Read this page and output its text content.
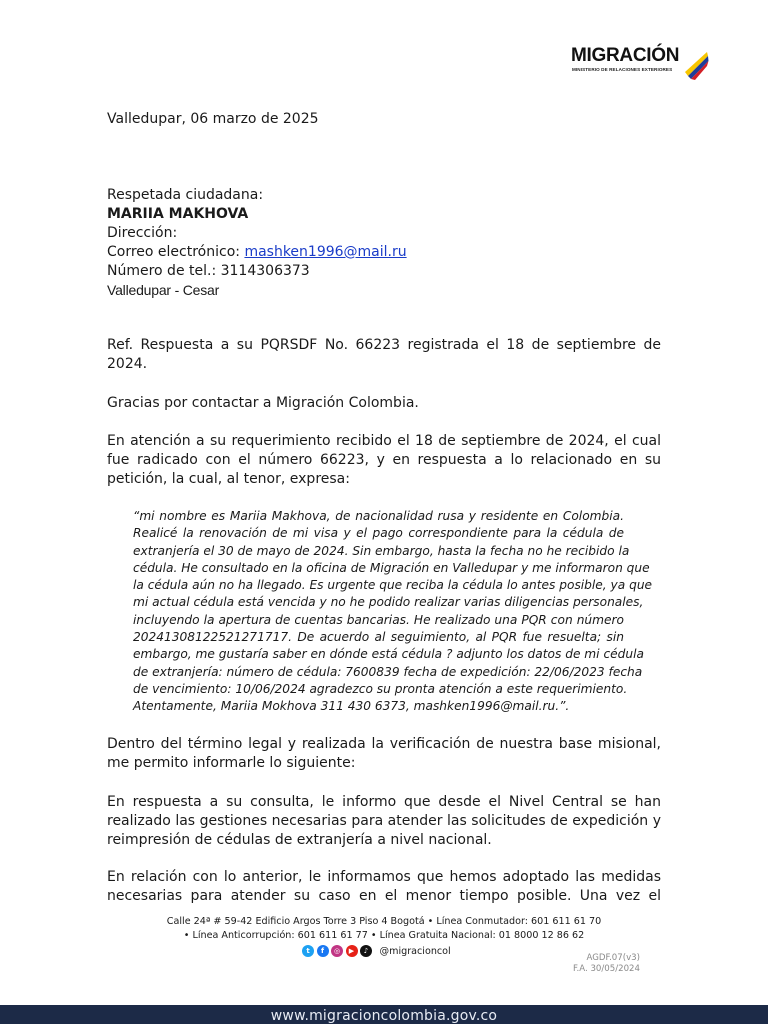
MIGRACIÓN
MINISTERIO DE RELACIONES EXTERIORES
Valledupar, 06 marzo de 2025
Respetada ciudadana:
MARIIA MAKHOVA
Dirección:
Correo electrónico: mashken1996@mail.ru
Número de tel.: 3114306373
Valledupar - Cesar
Ref. Respuesta a su PQRSDF No. 66223 registrada el 18 de septiembre de
2024.
Gracias por contactar a Migración Colombia.
En atención a su requerimiento recibido el 18 de septiembre de 2024, el cual
fue radicado con el número 66223, y en respuesta a lo relacionado en su
petición, la cual, al tenor, expresa:
“mi nombre es Mariia Makhova, de nacionalidad rusa y residente en Colombia.
Realicé la renovación de mi visa y el pago correspondiente para la cédula de
extranjería el 30 de mayo de 2024. Sin embargo, hasta la fecha no he recibido la
cédula. He consultado en la oficina de Migración en Valledupar y me informaron que
la cédula aún no ha llegado. Es urgente que reciba la cédula lo antes posible, ya que
mi actual cédula está vencida y no he podido realizar varias diligencias personales,
incluyendo la apertura de cuentas bancarias. He realizado una PQR con número
20241308122521271717. De acuerdo al seguimiento, al PQR fue resuelta; sin
embargo, me gustaría saber en dónde está cédula ? adjunto los datos de mi cédula
de extranjería: número de cédula: 7600839 fecha de expedición: 22/06/2023 fecha
de vencimiento: 10/06/2024 agradezco su pronta atención a este requerimiento.
Atentamente, Mariia Mokhova 311 430 6373, mashken1996@mail.ru.”.
Dentro del término legal y realizada la verificación de nuestra base misional,
me permito informarle lo siguiente:
En respuesta a su consulta, le informo que desde el Nivel Central se han
realizado las gestiones necesarias para atender las solicitudes de expedición y
reimpresión de cédulas de extranjería a nivel nacional.
En relación con lo anterior, le informamos que hemos adoptado las medidas
necesarias para atender su caso en el menor tiempo posible. Una vez el
Calle 24ª # 59-42 Edificio Argos Torre 3 Piso 4 Bogotá • Línea Conmutador: 601 611 61 70
• Línea Anticorrupción: 601 611 61 77 • Línea Gratuita Nacional: 01 8000 12 86 62
t	f	◎	▶	♪	@migracioncol
AGDF.07(v3)
F.A. 30/05/2024
www.migracioncolombia.gov.co
